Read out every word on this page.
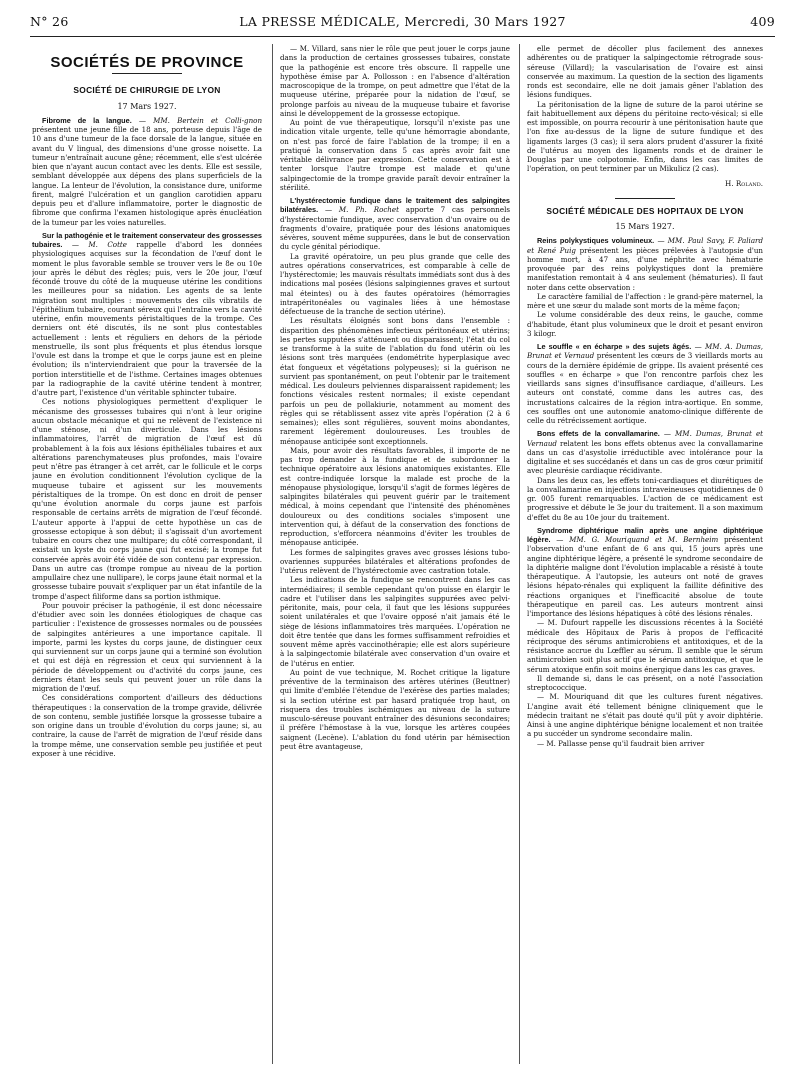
N° 26	LA PRESSE MÉDICALE, Mercredi, 30 Mars 1927	409
SOCIÉTÉS DE PROVINCE
SOCIÉTÉ DE CHIRURGIE DE LYON
17 Mars 1927.

Fibrome de la langue. — MM. Bertein et Colli-gnon présentent une jeune fille de 18 ans, porteuse depuis l'âge de 10 ans d'une tumeur de la face dorsale de la langue, située en avant du V lingual, des dimensions d'une grosse noisette. La tumeur n'entraînait aucune gêne; récemment, elle s'est ulcérée bien que n'ayant aucun contact avec les dents. Elle est sessile, semblant développée aux dépens des plans superficiels de la langue. La lenteur de l'évolution, la consistance dure, uniforme firent, malgré l'ulcération et un ganglion carotidien apparu depuis peu et d'allure inflammatoire, porter le diagnostic de fibrome que confirma l'examen histologique après énucléation de la tumeur par les voies naturelles.

Sur la pathogénie et le traitement conservateur des grossesses tubaires. — M. Cotte rappelle d'abord les données physiologiques acquises sur la fécondation de l'œuf dont le moment le plus favorable semble se trouver vers le 8e ou 10e jour après le début des règles; puis, vers le 20e jour, l'œuf fécondé trouve du côté de la muqueuse utérine les conditions les meilleures pour sa nidation. Les agents de sa lente migration sont multiples : mouvements des cils vibratils de l'épithélium tubaire, courant séreux qui l'entraîne vers la cavité utérine, enfin mouvements péristaltiques de la trompe. Ces derniers ont été discutés, ils ne sont plus contestables actuellement : lents et réguliers en dehors de la période menstruelle, ils sont plus fréquents et plus étendus lorsque l'ovule est dans la trompe et que le corps jaune est en pleine évolution; ils n'interviendraient que pour la traversée de la portion interstitielle et de l'isthme. Certaines images obtenues par la radiographie de la cavité utérine tendent à montrer, d'autre part, l'existence d'un véritable sphincter tubaire.

Ces notions physiologiques permettent d'expliquer le mécanisme des grossesses tubaires qui n'ont à leur origine aucun obstacle mécanique et qui ne relèvent de l'existence ni d'une sténose, ni d'un diverticule. Dans les lésions inflammatoires, l'arrêt de migration de l'œuf est dû probablement à la fois aux lésions épithéliales tubaires et aux altérations parenchymateuses plus profondes, mais l'ovaire peut n'être pas étranger à cet arrêt, car le follicule et le corps jaune en évolution conditionnent l'évolution cyclique de la muqueuse tubaire et agissent sur les mouvements péristaltiques de la trompe. On est donc en droit de penser qu'une évolution anormale du corps jaune est parfois responsable de certains arrêts de migration de l'œuf fécondé. L'auteur apporte à l'appui de cette hypothèse un cas de grossesse ectopique à son début; il s'agissait d'un avortement tubaire en cours chez une multipare; du côté correspondant, il existait un kyste du corps jaune qui fut excisé; la trompe fut conservée après avoir été vidée de son contenu par expression. Dans un autre cas (trompe rompue au niveau de la portion ampullaire chez une nullipare), le corps jaune était normal et la grossesse tubaire pouvait s'expliquer par un état infantile de la trompe d'aspect filiforme dans sa portion isthmique.

Pour pouvoir préciser la pathogénie, il est donc nécessaire d'étudier avec soin les données étiologiques de chaque cas particulier : l'existence de grossesses normales ou de poussées de salpingites antérieures a une importance capitale. Il importe, parmi les kystes du corps jaune, de distinguer ceux qui surviennent sur un corps jaune qui a terminé son évolution et qui est déjà en régression et ceux qui surviennent à la période de développement ou d'activité du corps jaune, ces derniers étant les seuls qui peuvent jouer un rôle dans la migration de l'œuf.

Ces considérations comportent d'ailleurs des déductions thérapeutiques : la conservation de la trompe gravide, délivrée de son contenu, semble justifiée lorsque la grossesse tubaire a son origine dans un trouble d'évolution du corps jaune; si, au contraire, la cause de l'arrêt de migration de l'œuf réside dans la trompe même, une conservation semble peu justifiée et peut exposer à une récidive.

— M. Villard, sans nier le rôle que peut jouer le corps jaune dans la production de certaines grossesses tubaires, constate que la pathogénie est encore très obscure. Il rappelle une hypothèse émise par A. Pollosson : en l'absence d'altération macroscopique de la trompe, on peut admettre que l'état de la muqueuse utérine, préparée pour la nidation de l'œuf, se prolonge parfois au niveau de la muqueuse tubaire et favorise ainsi le développement de la grossesse ectopique.

Au point de vue thérapeutique, lorsqu'il n'existe pas une indication vitale urgente, telle qu'une hémorragie abondante, on n'est pas forcé de faire l'ablation de la trompe; il en a pratiqué la conservation dans 5 cas après avoir fait une véritable délivrance par expression. Cette conservation est à tenter lorsque l'autre trompe est malade et qu'une salpingectomie de la trompe gravide paraît devoir entraîner la stérilité.

L'hystérectomie fundique dans le traitement des salpingites bilatérales. — M. Ph. Rochet apporte 7 cas personnels d'hystérectomie fundique, avec conservation d'un ovaire ou de fragments d'ovaire, pratiquée pour des lésions anatomiques sévères, souvent même suppurées, dans le but de conservation du cycle génital périodique.

La gravité opératoire, un peu plus grande que celle des autres opérations conservatrices, est comparable à celle de l'hystérectomie; les mauvais résultats immédiats sont dus à des indications mal posées (lésions salpingiennes graves et surtout mal éteintes) ou à des fautes opératoires (hémorragies intrapéritonéales ou vaginales liées à une hémostase défectueuse de la tranche de section utérine).

Les résultats éloignés sont bons dans l'ensemble : disparition des phénomènes infectieux péritonéaux et utérins; les pertes supputées s'atténuent ou disparaissent; l'état du col se transforme à la suite de l'ablation du fond utérin où les lésions sont très marquées (endométrite hyperplasique avec état fongueux et végétations polypeuses); si la guérison ne survient pas spontanément, on peut l'obtenir par le traitement médical. Les douleurs pelviennes disparaissent rapidement; les fonctions vésicales restent normales; il existe cependant parfois un peu de pollakiurie, notamment au moment des règles qui se rétablissent assez vite après l'opération (2 à 6 semaines); elles sont régulières, souvent moins abondantes, rarement légèrement douloureuses. Les troubles de ménopause anticipée sont exceptionnels.

Mais, pour avoir des résultats favorables, il importe de ne pas trop demander à la fundique et de subordonner la technique opératoire aux lésions anatomiques existantes. Elle est contre-indiquée lorsque la malade est proche de la ménopause physiologique, lorsqu'il s'agit de formes légères de salpingites bilatérales qui peuvent guérir par le traitement médical, à moins cependant que l'intensité des phénomènes douloureux ou des conditions sociales s'imposent une intervention qui, à défaut de la conservation des fonctions de reproduction, s'efforcera néanmoins d'éviter les troubles de ménopause anticipée.

Les formes de salpingites graves avec grosses lésions tubo-ovariennes suppurées bilatérales et altérations profondes de l'utérus relèvent de l'hystérectomie avec castration totale.

Les indications de la fundique se rencontrent dans les cas intermédiaires; il semble cependant qu'on puisse en élargir le cadre et l'utiliser dans les salpingites suppurées avec pelvi-péritonite, mais, pour cela, il faut que les lésions suppurées soient unilatérales et que l'ovaire opposé n'ait jamais été le siège de lésions inflammatoires très marquées. L'opération ne doit être tentée que dans les formes suffisamment refroidies et souvent même après vaccinothérapie; elle est alors supérieure à la salpingectomie bilatérale avec conservation d'un ovaire et de l'utérus en entier.

Au point de vue technique, M. Rochet critique la ligature préventive de la terminaison des artères utérines (Beuttner) qui limite d'emblée l'étendue de l'exérèse des parties malades; si la section utérine est par hasard pratiquée trop haut, on risquera des troubles ischémiques au niveau de la suture musculo-séreuse pouvant entraîner des désunions secondaires; il préfère l'hémostase à la vue, lorsque les artères coupées saignent (Lecène). L'ablation du fond utérin par hémisection peut être avantageuse,

elle permet de décoller plus facilement des annexes adhérentes ou de pratiquer la salpingectomie rétrograde sous-séreuse (Villard); la vascularisation de l'ovaire est ainsi conservée au maximum. La question de la section des ligaments ronds est secondaire, elle ne doit jamais gêner l'ablation des lésions fundiques.

La péritonisation de la ligne de suture de la paroi utérine se fait habituellement aux dépens du péritoine recto-vésical; si elle est impossible, on pourra recourir à une péritonisation haute que l'on fixe au-dessus de la ligne de suture fundique et des ligaments larges (3 cas); il sera alors prudent d'assurer la fixité de l'utérus au moyen des ligaments ronds et de drainer le Douglas par une colpotomie. Enfin, dans les cas limites de l'opération, on peut terminer par un Mikulicz (2 cas).

H. Roland.
SOCIÉTÉ MÉDICALE DES HOPITAUX DE LYON
15 Mars 1927.

Reins polykystiques volumineux. — MM. Paul Savy, F. Paliard et René Puig présentent les pièces prélevées à l'autopsie d'un homme mort, à 47 ans, d'une néphrite avec hématurie provoquée par des reins polykystiques dont la première manifestation remontait à 4 ans seulement (hématuries). Il faut noter dans cette observation :

Le caractère familial de l'affection : le grand-père maternel, la mère et une sœur du malade sont morts de la même façon;

Le volume considérable des deux reins, le gauche, comme d'habitude, étant plus volumineux que le droit et pesant environ 3 kilogr.

Le souffle « en écharpe » des sujets âgés. — MM. A. Dumas, Brunat et Vernaud présentent les cœurs de 3 vieillards morts au cours de la dernière épidémie de grippe. Ils avaient présenté ces souffles « en écharpe » que l'on rencontre parfois chez les vieillards sans signes d'insuffisance cardiaque, d'ailleurs. Les auteurs ont constaté, comme dans les autres cas, des incrustations calcaires de la région intra-aortique. En somme, ces souffles ont une autonomie anatomo-clinique différente de celle du rétrécissement aortique.

Bons effets de la convallamarine. — MM. Dumas, Brunat et Vernaud relatent les bons effets obtenus avec la convallamarine dans un cas d'asystolie irréductible avec intolérance pour la digitaline et ses succédanés et dans un cas de gros cœur primitif avec pleurésie cardiaque récidivante.

Dans les deux cas, les effets toni-cardiaques et diurétiques de la convallamarine en injections intraveineuses quotidiennes de 0 gr. 005 furent remarquables. L'action de ce médicament est progressive et débute le 3e jour du traitement. Il a son maximum d'effet du 8e au 10e jour du traitement.

Syndrome diphtérique malin après une angine diphtérique légère. — MM. G. Mouriquand et M. Bernheim présentent l'observation d'une enfant de 6 ans qui, 15 jours après une angine diphtérique légère, a présenté le syndrome secondaire de la diphtérie maligne dont l'évolution implacable a résisté à toute thérapeutique. A l'autopsie, les auteurs ont noté de graves lésions hépato-rénales qui expliquent la faillite définitive des réactions organiques et l'inefficacité absolue de toute thérapeutique en pareil cas. Les auteurs montrent ainsi l'importance des lésions hépatiques à côté des lésions rénales.

— M. Dufourt rappelle les discussions récentes à la Société médicale des Hôpitaux de Paris à propos de l'efficacité réciproque des sérums antimicrobiens et antitoxiques, et de la résistance accrue du Lœffler au sérum. Il semble que le sérum antimicrobien soit plus actif que le sérum antitoxique, et que le sérum atoxique enfin soit moins énergique dans les cas graves.

Il demande si, dans le cas présent, on a noté l'association streptococcique.

— M. Mouriquand dit que les cultures furent négatives. L'angine avait été tellement bénigne cliniquement que le médecin traitant ne s'était pas douté qu'il pût y avoir diphtérie. Ainsi à une angine diphtérique bénigne localement et non traitée a pu succéder un syndrome secondaire malin.

— M. Pallasse pense qu'il faudrait bien arriver
